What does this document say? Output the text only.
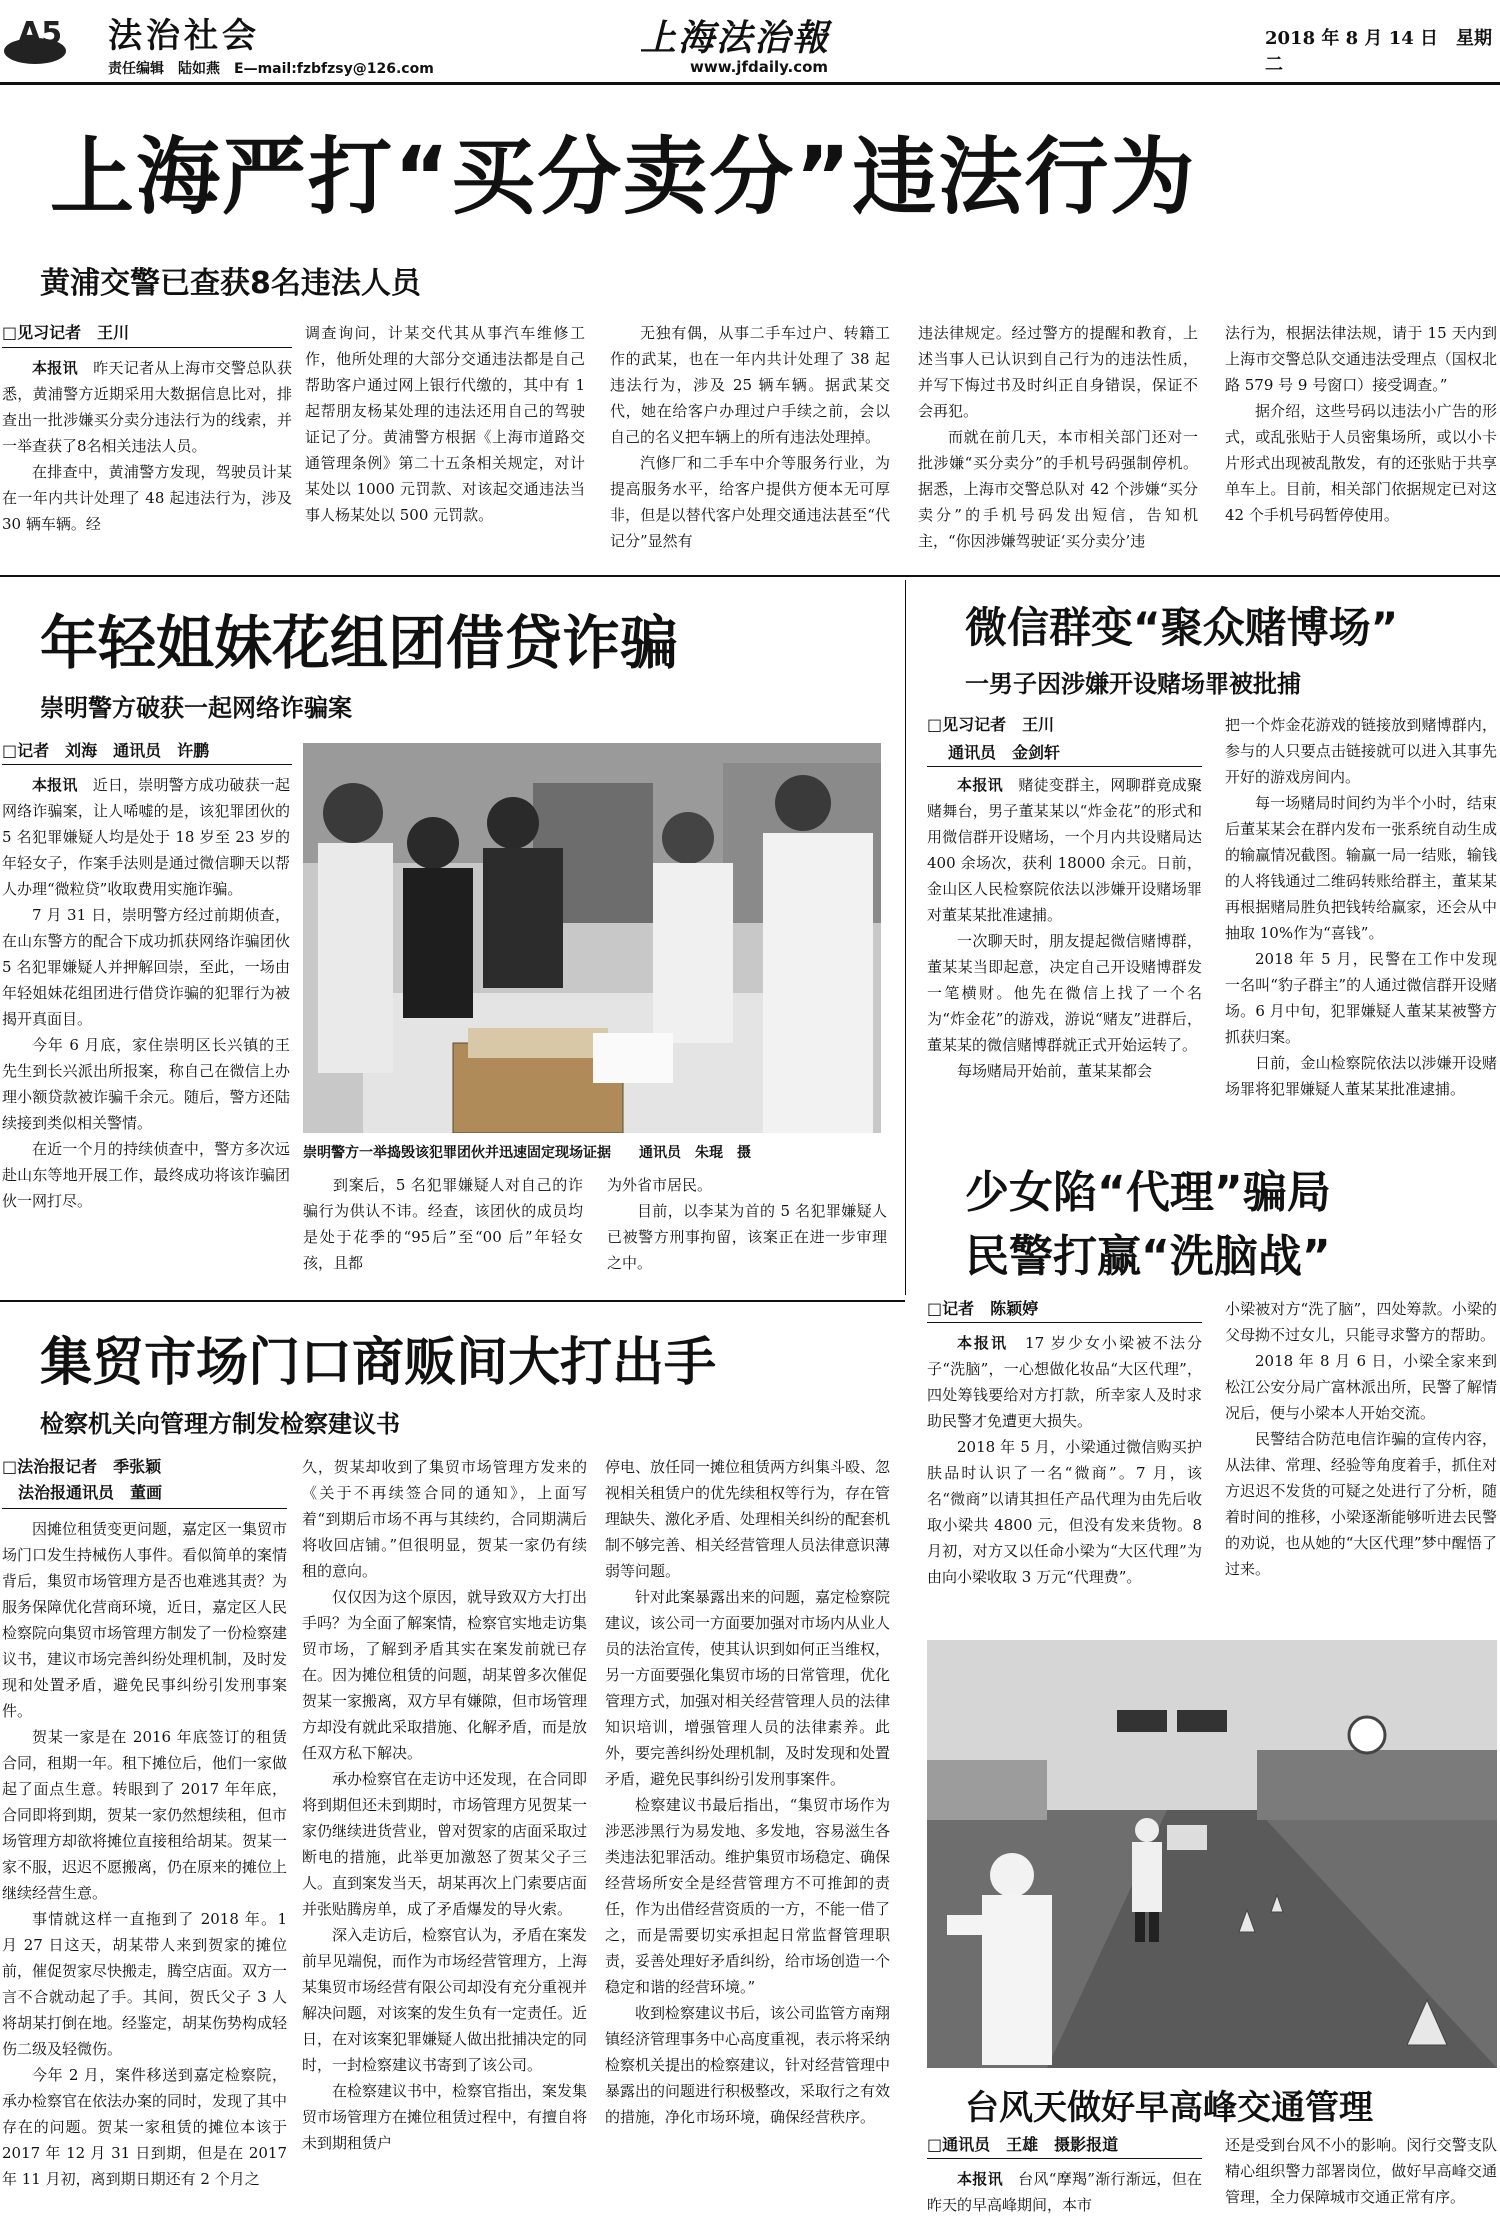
A5 法治社会
责任编辑　陆如燕　E—mail:fzbfzsy@126.com
上海法治報
www.jfdaily.com
2018 年 8 月 14 日　星期二
上海严打“买分卖分”违法行为
黄浦交警已查获8名违法人员
□见习记者　王川

本报讯　 昨天记者从上海市交警总队获悉，黄浦警方近期采用大数据信息比对，排查出一批涉嫌买分卖分违法行为的线索，并一举查获了8名相关违法人员。

在排查中，黄浦警方发现，驾驶员计某在一年内共计处理了 48 起违法行为，涉及 30 辆车辆。经

调查询问，计某交代其从事汽车维修工作，他所处理的大部分交通违法都是自己帮助客户通过网上银行代缴的，其中有 1 起帮朋友杨某处理的违法还用自己的驾驶证记了分。黄浦警方根据《上海市道路交通管理条例》第二十五条相关规定，对计某处以 1000 元罚款、对该起交通违法当事人杨某处以 500 元罚款。

无独有偶，从事二手车过户、转籍工作的武某，也在一年内共计处理了 38 起违法行为，涉及 25 辆车辆。据武某交代，她在给客户办理过户手续之前，会以自己的名义把车辆上的所有违法处理掉。

汽修厂和二手车中介等服务行业，为提高服务水平，给客户提供方便本无可厚非，但是以替代客户处理交通违法甚至“代记分”显然有

违法律规定。经过警方的提醒和教育，上述当事人已认识到自己行为的违法性质，并写下悔过书及时纠正自身错误，保证不会再犯。

而就在前几天，本市相关部门还对一批涉嫌“买分卖分”的手机号码强制停机。据悉，上海市交警总队对 42 个涉嫌“买分卖分”的手机号码发出短信，告知机主，“你因涉嫌驾驶证‘买分卖分’违

法行为，根据法律法规，请于 15 天内到上海市交警总队交通违法受理点（国权北路 579 号 9 号窗口）接受调查。”

据介绍，这些号码以违法小广告的形式，或乱张贴于人员密集场所，或以小卡片形式出现被乱散发，有的还张贴于共享单车上。目前，相关部门依据规定已对这 42 个手机号码暂停使用。

年轻姐妹花组团借贷诈骗
崇明警方破获一起网络诈骗案
□记者　刘海　通讯员　许鹏

本报讯　 近日，崇明警方成功破获一起网络诈骗案，让人唏嘘的是，该犯罪团伙的 5 名犯罪嫌疑人均是处于 18 岁至 23 岁的年轻女子，作案手法则是通过微信聊天以帮人办理“微粒贷”收取费用实施诈骗。

7 月 31 日，崇明警方经过前期侦查，在山东警方的配合下成功抓获网络诈骗团伙 5 名犯罪嫌疑人并押解回崇，至此，一场由年轻姐妹花组团进行借贷诈骗的犯罪行为被揭开真面目。

今年 6 月底，家住崇明区长兴镇的王先生到长兴派出所报案，称自己在微信上办理小额贷款被诈骗千余元。随后，警方还陆续接到类似相关警情。

在近一个月的持续侦查中，警方多次远赴山东等地开展工作，最终成功将该诈骗团伙一网打尽。

崇明警方一举捣毁该犯罪团伙并迅速固定现场证据　　通讯员　朱琨　摄

到案后，5 名犯罪嫌疑人对自己的诈骗行为供认不讳。经查，该团伙的成员均是处于花季的“95后”至“00 后”年轻女孩，且都

为外省市居民。

目前，以李某为首的 5 名犯罪嫌疑人已被警方刑事拘留，该案正在进一步审理之中。

微信群变“聚众赌博场”
一男子因涉嫌开设赌场罪被批捕
□见习记者　王川
通讯员　金剑轩

本报讯　 赌徒变群主，网聊群竟成聚赌舞台，男子董某某以“炸金花”的形式和用微信群开设赌场，一个月内共设赌局达 400 余场次，获利 18000 余元。日前，金山区人民检察院依法以涉嫌开设赌场罪对董某某批准逮捕。

一次聊天时，朋友提起微信赌博群，董某某当即起意，决定自己开设赌博群发一笔横财。他先在微信上找了一个名为“炸金花”的游戏，游说“赌友”进群后，董某某的微信赌博群就正式开始运转了。

每场赌局开始前，董某某都会

把一个炸金花游戏的链接放到赌博群内，参与的人只要点击链接就可以进入其事先开好的游戏房间内。

每一场赌局时间约为半个小时，结束后董某某会在群内发布一张系统自动生成的输赢情况截图。输赢一局一结账，输钱的人将钱通过二维码转账给群主，董某某再根据赌局胜负把钱转给赢家，还会从中抽取 10%作为“喜钱”。

2018 年 5 月，民警在工作中发现一名叫“豹子群主”的人通过微信群开设赌场。6 月中旬，犯罪嫌疑人董某某被警方抓获归案。

日前，金山检察院依法以涉嫌开设赌场罪将犯罪嫌疑人董某某批准逮捕。

少女陷“代理”骗局
民警打赢“洗脑战”
□记者　陈颖婷

本报讯　 17 岁少女小梁被不法分子“洗脑”，一心想做化妆品“大区代理”，四处筹钱要给对方打款，所幸家人及时求助民警才免遭更大损失。

2018 年 5 月，小梁通过微信购买护肤品时认识了一名“微商”。7 月，该名“微商”以请其担任产品代理为由先后收取小梁共 4800 元，但没有发来货物。8 月初，对方又以任命小梁为“大区代理”为由向小梁收取 3 万元“代理费”。

小梁被对方“洗了脑”，四处筹款。小梁的父母拗不过女儿，只能寻求警方的帮助。

2018 年 8 月 6 日，小梁全家来到松江公安分局广富林派出所，民警了解情况后，便与小梁本人开始交流。

民警结合防范电信诈骗的宣传内容，从法律、常理、经验等角度着手，抓住对方迟迟不发货的可疑之处进行了分析，随着时间的推移，小梁逐渐能够听进去民警的劝说，也从她的“大区代理”梦中醒悟了过来。

集贸市场门口商贩间大打出手
检察机关向管理方制发检察建议书
□法治报记者　季张颖
法治报通讯员　董画

因摊位租赁变更问题，嘉定区一集贸市场门口发生持械伤人事件。看似简单的案情背后，集贸市场管理方是否也难逃其责？为服务保障优化营商环境，近日，嘉定区人民检察院向集贸市场管理方制发了一份检察建议书，建议市场完善纠纷处理机制，及时发现和处置矛盾，避免民事纠纷引发刑事案件。

贺某一家是在 2016 年底签订的租赁合同，租期一年。租下摊位后，他们一家做起了面点生意。转眼到了 2017 年年底，合同即将到期，贺某一家仍然想续租，但市场管理方却欲将摊位直接租给胡某。贺某一家不服，迟迟不愿搬离，仍在原来的摊位上继续经营生意。

事情就这样一直拖到了 2018 年。1 月 27 日这天，胡某带人来到贺家的摊位前，催促贺家尽快搬走，腾空店面。双方一言不合就动起了手。其间，贺氏父子 3 人将胡某打倒在地。经鉴定，胡某伤势构成轻伤二级及轻微伤。

今年 2 月，案件移送到嘉定检察院，承办检察官在依法办案的同时，发现了其中存在的问题。贺某一家租赁的摊位本该于 2017 年 12 月 31 日到期，但是在 2017 年 11 月初，离到期日期还有 2 个月之

久，贺某却收到了集贸市场管理方发来的《关于不再续签合同的通知》，上面写着“到期后市场不再与其续约，合同期满后将收回店铺。”但很明显，贺某一家仍有续租的意向。

仅仅因为这个原因，就导致双方大打出手吗？为全面了解案情，检察官实地走访集贸市场，了解到矛盾其实在案发前就已存在。因为摊位租赁的问题，胡某曾多次催促贺某一家搬离，双方早有嫌隙，但市场管理方却没有就此采取措施、化解矛盾，而是放任双方私下解决。

承办检察官在走访中还发现，在合同即将到期但还未到期时，市场管理方见贺某一家仍继续进货营业，曾对贺家的店面采取过断电的措施，此举更加激怒了贺某父子三人。直到案发当天，胡某再次上门索要店面并张贴腾房单，成了矛盾爆发的导火索。

深入走访后，检察官认为，矛盾在案发前早见端倪，而作为市场经营管理方，上海某集贸市场经营有限公司却没有充分重视并解决问题，对该案的发生负有一定责任。近日，在对该案犯罪嫌疑人做出批捕决定的同时，一封检察建议书寄到了该公司。

在检察建议书中，检察官指出，案发集贸市场管理方在摊位租赁过程中，有擅自将未到期租赁户

停电、放任同一摊位租赁两方纠集斗殴、忽视相关租赁户的优先续租权等行为，存在管理缺失、激化矛盾、处理相关纠纷的配套机制不够完善、相关经营管理人员法律意识薄弱等问题。

针对此案暴露出来的问题，嘉定检察院建议，该公司一方面要加强对市场内从业人员的法治宣传，使其认识到如何正当维权，另一方面要强化集贸市场的日常管理，优化管理方式，加强对相关经营管理人员的法律知识培训，增强管理人员的法律素养。此外，要完善纠纷处理机制，及时发现和处置矛盾，避免民事纠纷引发刑事案件。

检察建议书最后指出，“集贸市场作为涉恶涉黑行为易发地、多发地，容易滋生各类违法犯罪活动。维护集贸市场稳定、确保经营场所安全是经营管理方不可推卸的责任，作为出借经营资质的一方，不能一借了之，而是需要切实承担起日常监督管理职责，妥善处理好矛盾纠纷，给市场创造一个稳定和谐的经营环境。”

收到检察建议书后，该公司监管方南翔镇经济管理事务中心高度重视，表示将采纳检察机关提出的检察建议，针对经营管理中暴露出的问题进行积极整改，采取行之有效的措施，净化市场环境，确保经营秩序。	台风天做好早高峰交通管理
□通讯员　王雄　摄影报道

本报讯　 台风“摩羯”渐行渐远，但在昨天的早高峰期间，本市

还是受到台风不小的影响。闵行交警支队精心组织警力部署岗位，做好早高峰交通管理，全力保障城市交通正常有序。
